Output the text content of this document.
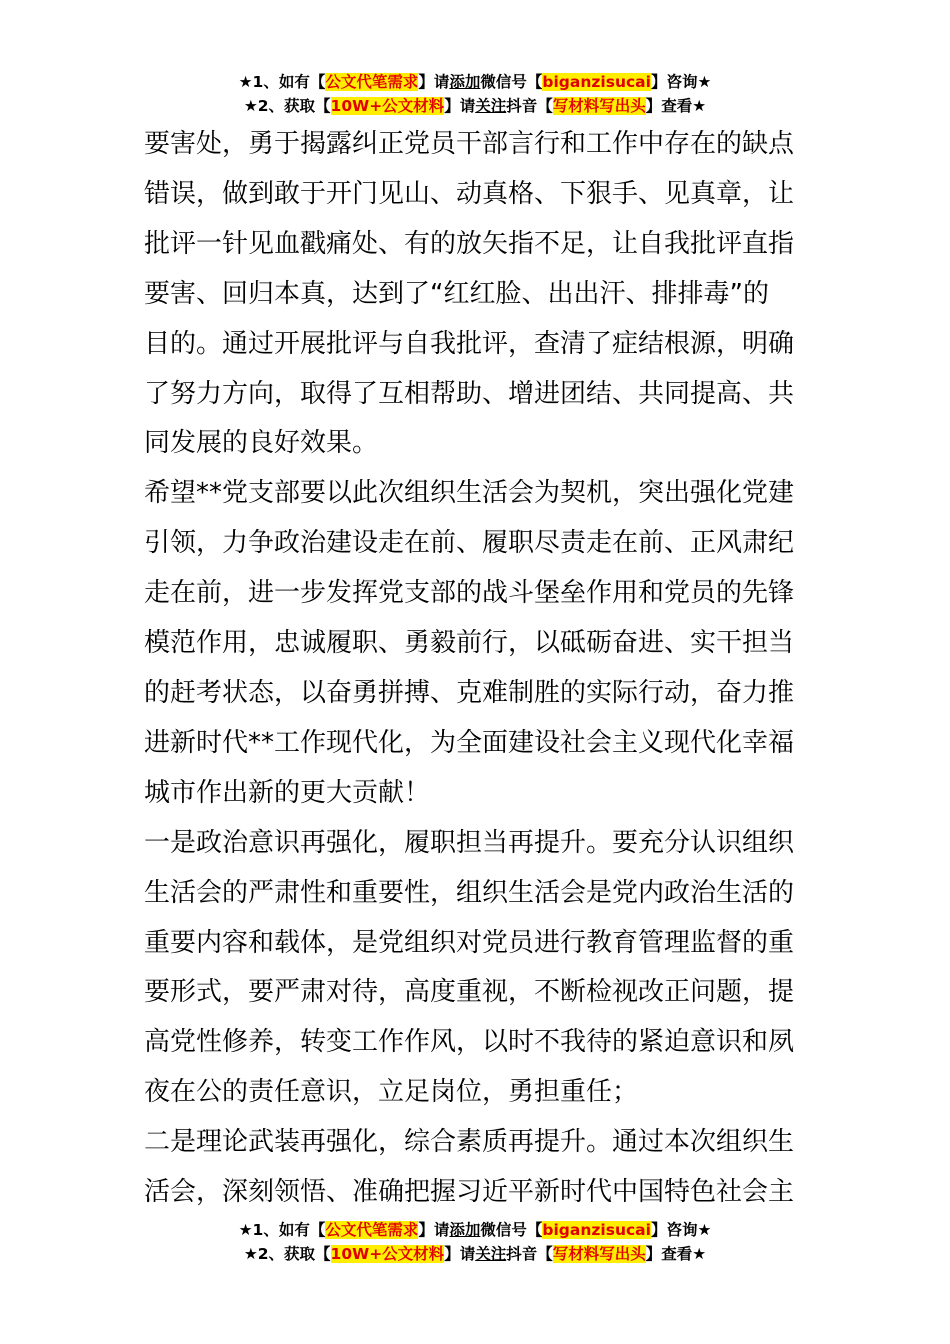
★1、如有【公文代笔需求】请添加微信号【biganzisucai】咨询★
★2、获取【10W+公文材料】请关注抖音【写材料写出头】查看★

要害处，勇于揭露纠正党员干部言行和工作中存在的缺点

错误，做到敢于开门见山、动真格、下狠手、见真章，让

批评一针见血戳痛处、有的放矢指不足，让自我批评直指

要害、回归本真，达到了“红红脸、出出汗、排排毒”的

目的。通过开展批评与自我批评，查清了症结根源，明确

了努力方向，取得了互相帮助、增进团结、共同提高、共

同发展的良好效果。

希望**党支部要以此次组织生活会为契机，突出强化党建

引领，力争政治建设走在前、履职尽责走在前、正风肃纪

走在前，进一步发挥党支部的战斗堡垒作用和党员的先锋

模范作用，忠诚履职、勇毅前行，以砥砺奋进、实干担当

的赶考状态，以奋勇拼搏、克难制胜的实际行动，奋力推

进新时代**工作现代化，为全面建设社会主义现代化幸福

城市作出新的更大贡献！

一是政治意识再强化，履职担当再提升。要充分认识组织

生活会的严肃性和重要性，组织生活会是党内政治生活的

重要内容和载体，是党组织对党员进行教育管理监督的重

要形式，要严肃对待，高度重视，不断检视改正问题，提

高党性修养，转变工作作风，以时不我待的紧迫意识和夙

夜在公的责任意识，立足岗位，勇担重任；

二是理论武装再强化，综合素质再提升。通过本次组织生

活会，深刻领悟、准确把握习近平新时代中国特色社会主

★1、如有【公文代笔需求】请添加微信号【biganzisucai】咨询★
★2、获取【10W+公文材料】请关注抖音【写材料写出头】查看★
